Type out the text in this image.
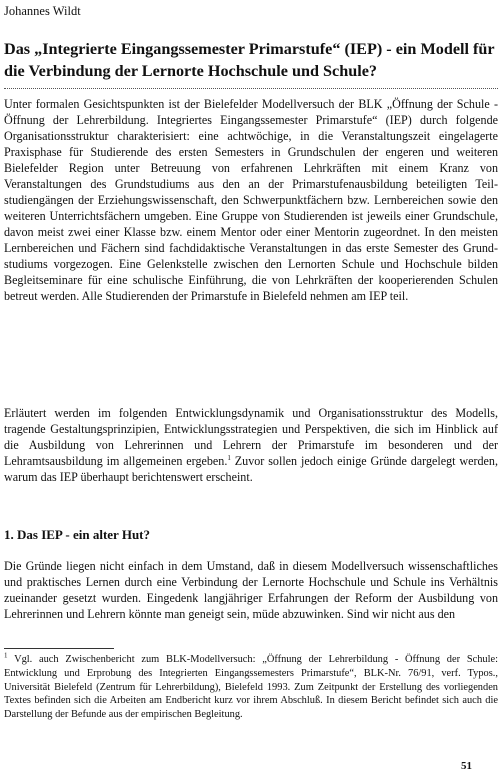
Johannes Wildt
Das „Integrierte Eingangssemester Primarstufe“ (IEP) - ein Modell für die Verbindung der Lernorte Hochschule und Schule?

Unter formalen Gesichtspunkten ist der Bielefelder Modellversuch der BLK „Öffnung der Schule - Öffnung der Lehrerbildung. Integriertes Eingangssemester Primarstufe“ (IEP) durch folgende Organisationsstruktur charakterisiert: eine achtwöchige, in die Veranstaltungszeit eingelagerte Praxisphase für Studierende des ersten Semesters in Grundschulen der engeren und weiteren Bielefelder Region unter Betreuung von erfahrenen Lehrkräften mit einem Kranz von Veranstaltungen des Grundstudiums aus den an der Primarstufenausbildung beteiligten Teilstudiengängen der Erziehungswissenschaft, den Schwerpunktfächern bzw. Lernbereichen sowie den weiteren Unterrichtsfächern umgeben. Eine Gruppe von Studierenden ist jeweils einer Grundschule, davon meist zwei einer Klasse bzw. einem Mentor oder einer Mentorin zugeordnet. In den meisten Lernbereichen und Fächern sind fachdidaktische Veranstaltungen in das erste Semester des Grundstudiums vorgezogen. Eine Gelenkstelle zwischen den Lernorten Schule und Hochschule bilden Begleitseminare für eine schulische Einführung, die von Lehrkräften der kooperierenden Schulen betreut werden. Alle Studierenden der Primarstufe in Bielefeld nehmen am IEP teil.

Erläutert werden im folgenden Entwicklungsdynamik und Organisationsstruktur des Modells, tragende Gestaltungsprinzipien, Entwicklungsstrategien und Perspektiven, die sich im Hinblick auf die Ausbildung von Lehrerinnen und Lehrern der Primarstufe im besonderen und der Lehramtsausbildung im allgemeinen ergeben.$^1$ Zuvor sollen jedoch einige Gründe dargelegt werden, warum das IEP überhaupt berichtenswert erscheint.

1. Das IEP - ein alter Hut?

Die Gründe liegen nicht einfach in dem Umstand, daß in diesem Modellversuch wissenschaftliches und praktisches Lernen durch eine Verbindung der Lernorte Hochschule und Schule ins Verhältnis zueinander gesetzt wurden. Eingedenk langjähriger Erfahrungen der Reform der Ausbildung von Lehrerinnen und Lehrern könnte man geneigt sein, müde abzuwinken. Sind wir nicht aus den

$^1$ Vgl. auch Zwischenbericht zum BLK-Modellversuch: „Öffnung der Lehrerbildung - Öffnung der Schule: Entwicklung und Erprobung des Integrierten Eingangssemesters Primarstufe“, BLK-Nr. 76/91, verf. Typos., Universität Bielefeld (Zentrum für Lehrerbildung), Bielefeld 1993. Zum Zeitpunkt der Erstellung des vorliegenden Textes befinden sich die Arbeiten am Endbericht kurz vor ihrem Abschluß. In diesem Bericht befindet sich auch die Darstellung der Befunde aus der empirischen Begleitung.

51
